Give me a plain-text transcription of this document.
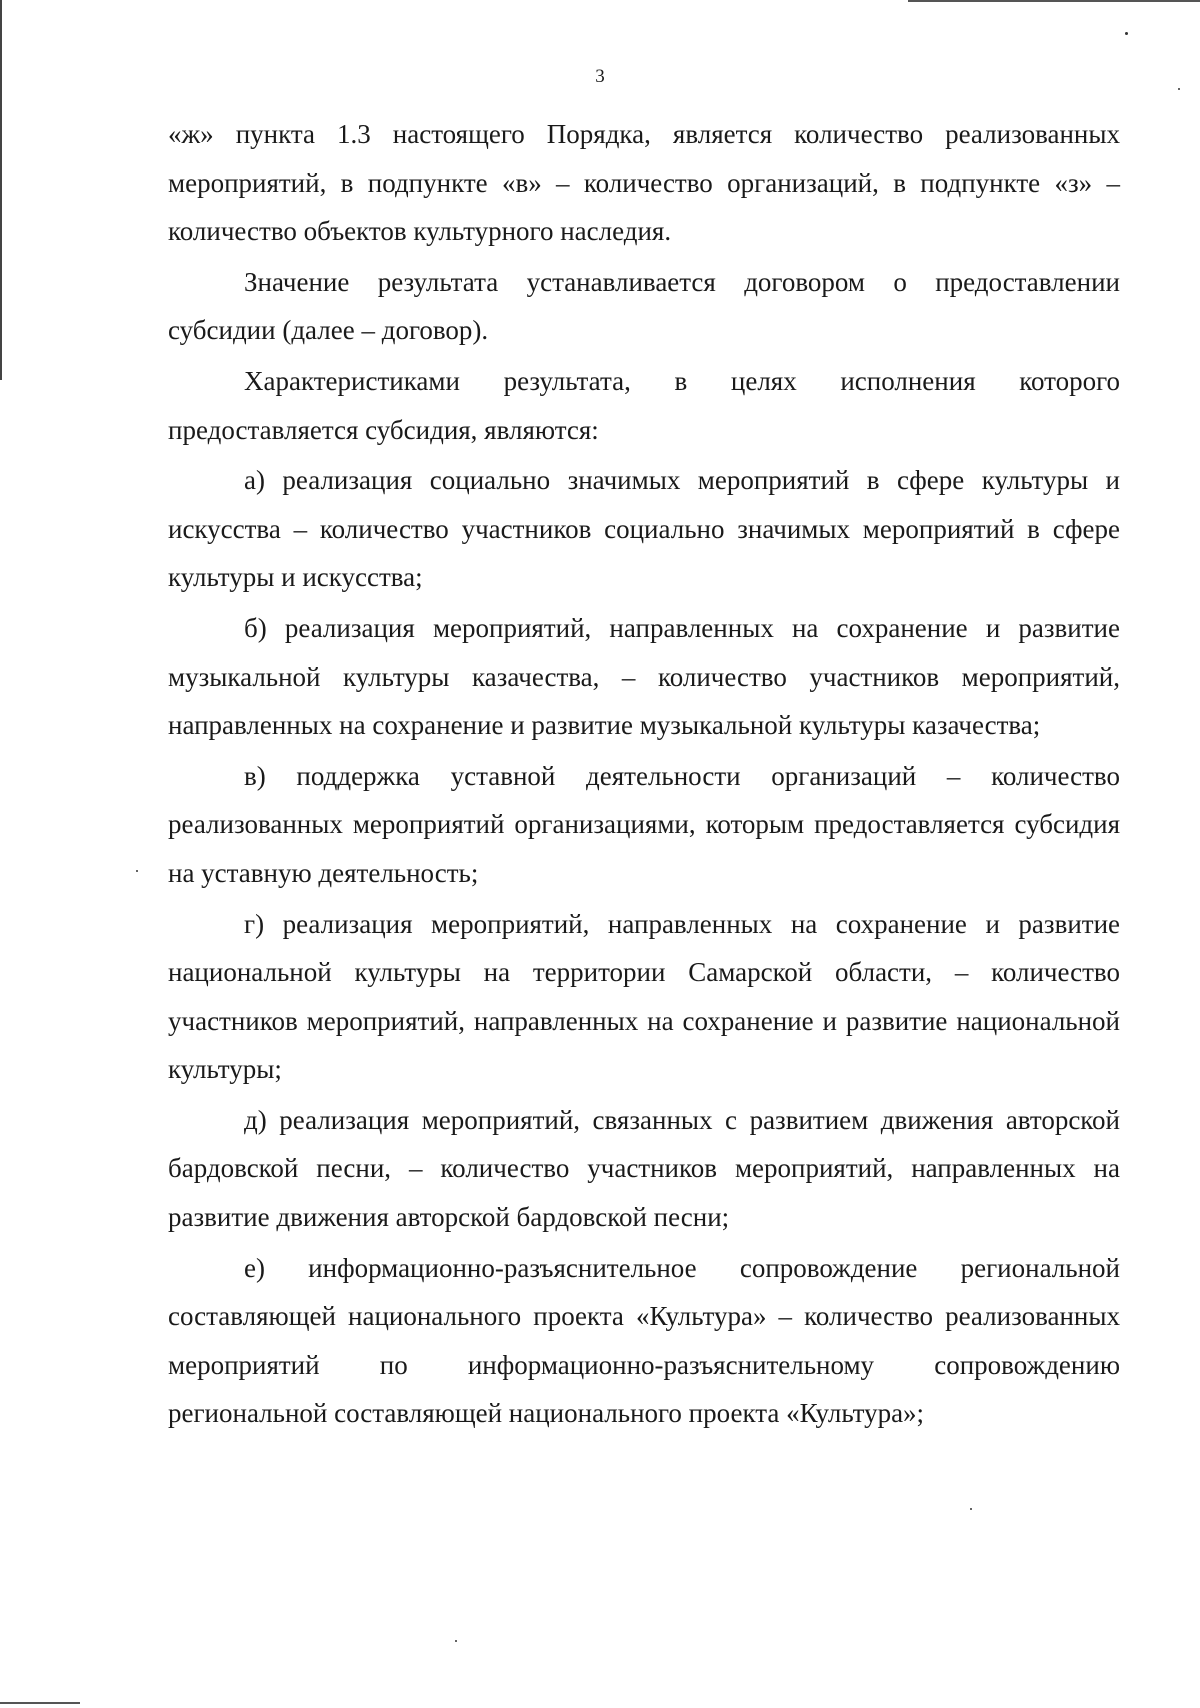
3

«ж» пункта 1.3 настоящего Порядка, является количество реализованных мероприятий, в подпункте «в» – количество организаций, в подпункте «з» – количество объектов культурного наследия.

Значение результата устанавливается договором о предоставлении субсидии (далее – договор).

Характеристиками результата, в целях исполнения которого предоставляется субсидия, являются:

а) реализация социально значимых мероприятий в сфере культуры и искусства – количество участников социально значимых мероприятий в сфере культуры и искусства;

б) реализация мероприятий, направленных на сохранение и развитие музыкальной культуры казачества, – количество участников мероприятий, направленных на сохранение и развитие музыкальной культуры казачества;

в) поддержка уставной деятельности организаций – количество реализованных мероприятий организациями, которым предоставляется субсидия на уставную деятельность;

г) реализация мероприятий, направленных на сохранение и развитие национальной культуры на территории Самарской области, – количество участников мероприятий, направленных на сохранение и развитие национальной культуры;

д) реализация мероприятий, связанных с развитием движения авторской бардовской песни, – количество участников мероприятий, направленных на развитие движения авторской бардовской песни;

е) информационно-разъяснительное сопровождение региональной составляющей национального проекта «Культура» – количество реализованных мероприятий по информационно-разъяснительному сопровождению региональной составляющей национального проекта «Культура»;
